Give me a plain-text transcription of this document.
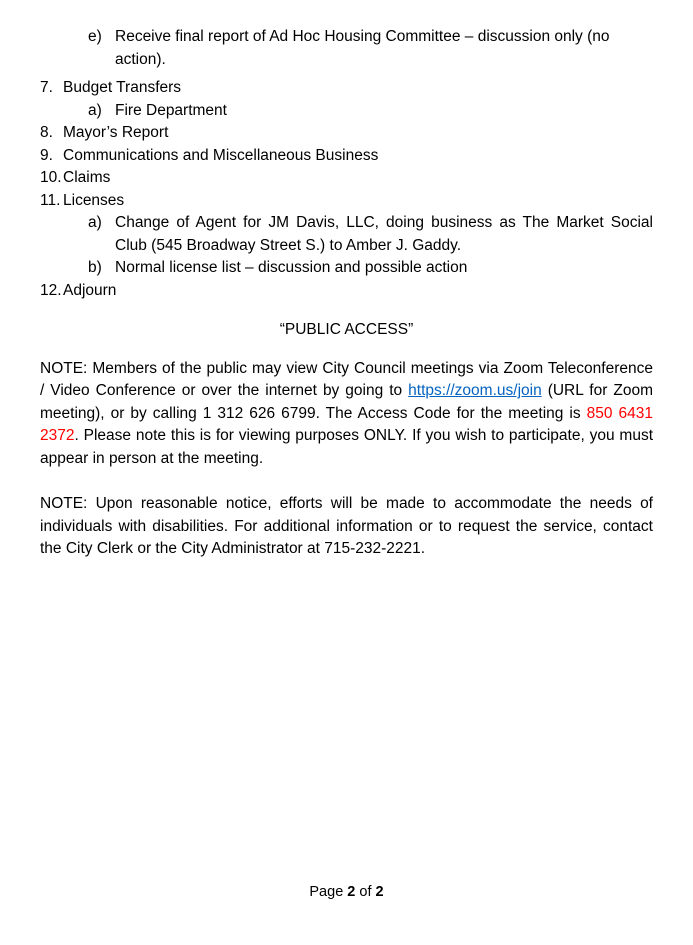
e) Receive final report of Ad Hoc Housing Committee – discussion only (no action).
7. Budget Transfers
a) Fire Department
8. Mayor’s Report
9. Communications and Miscellaneous Business
10. Claims
11. Licenses
a) Change of Agent for JM Davis, LLC, doing business as The Market Social Club (545 Broadway Street S.) to Amber J. Gaddy.
b) Normal license list – discussion and possible action
12. Adjourn
“PUBLIC ACCESS”

NOTE: Members of the public may view City Council meetings via Zoom Teleconference / Video Conference or over the internet by going to https://zoom.us/join (URL for Zoom meeting), or by calling 1 312 626 6799. The Access Code for the meeting is 850 6431 2372. Please note this is for viewing purposes ONLY. If you wish to participate, you must appear in person at the meeting.

NOTE: Upon reasonable notice, efforts will be made to accommodate the needs of individuals with disabilities. For additional information or to request the service, contact the City Clerk or the City Administrator at 715-232-2221.

Page 2 of 2
